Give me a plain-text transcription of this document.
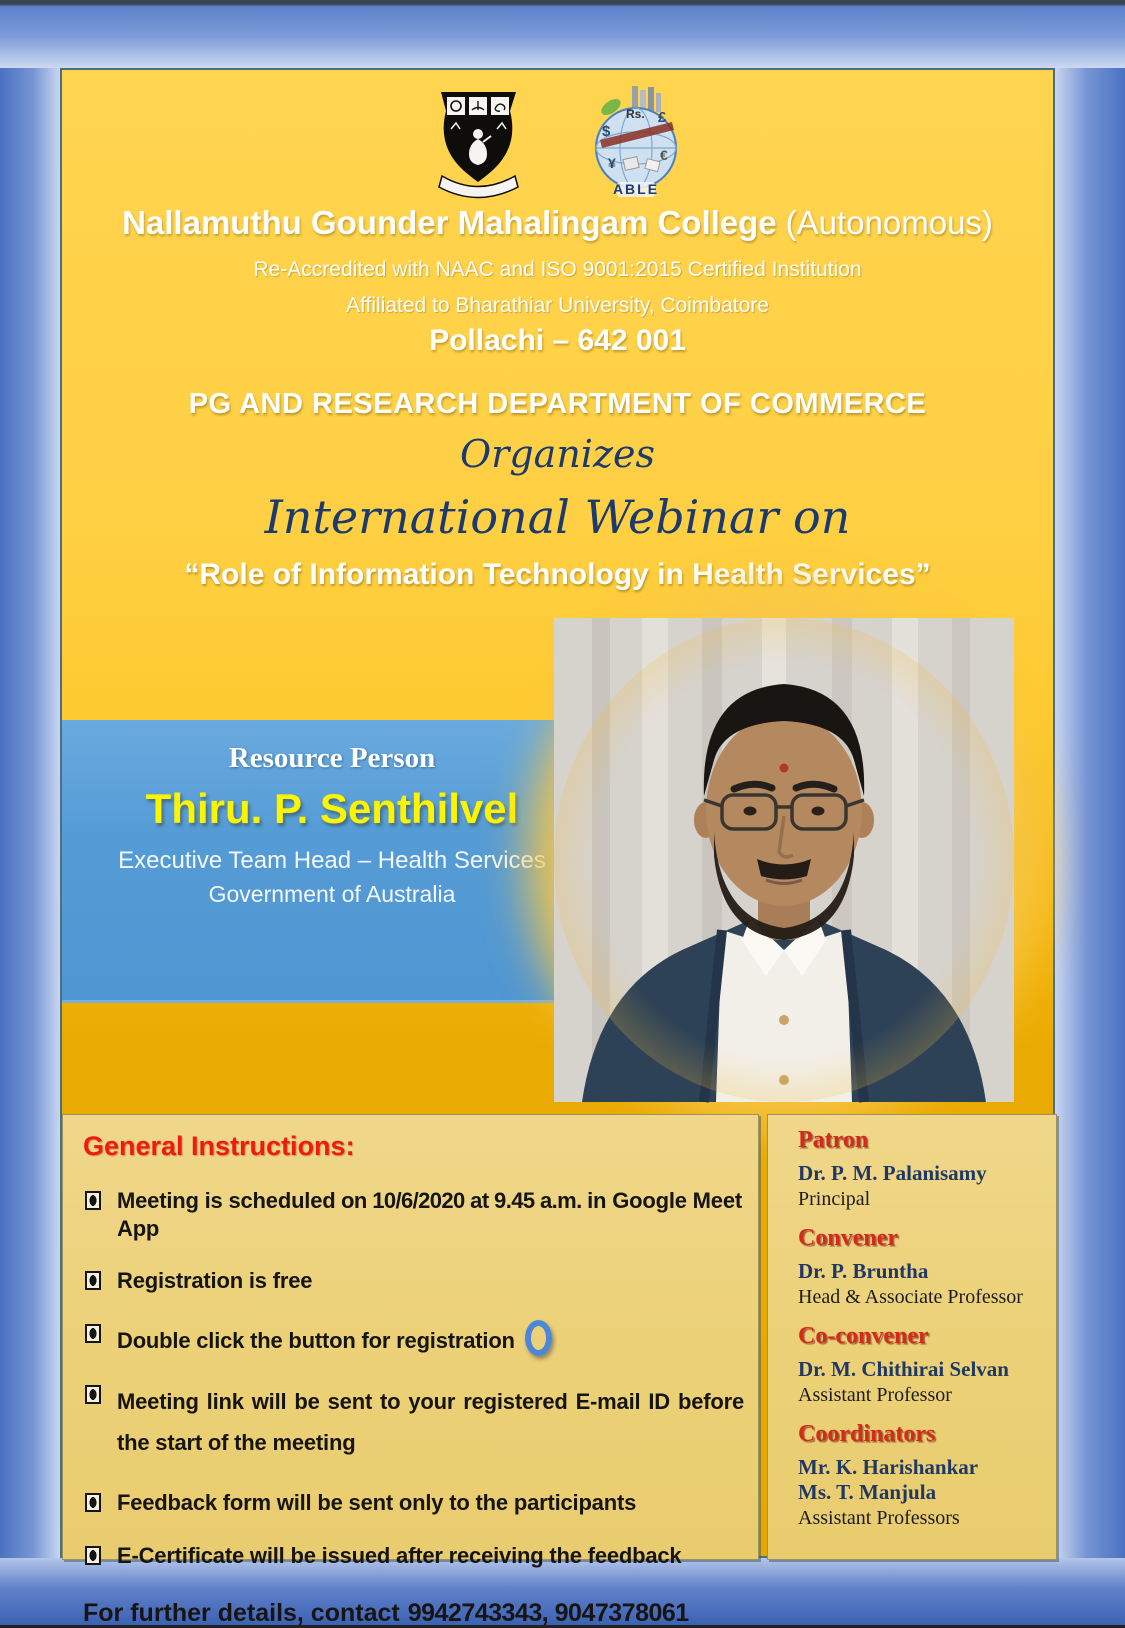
$
Rs. £
¥	€
ABLE
Nallamuthu Gounder Mahalingam College (Autonomous)
Re-Accredited with NAAC and ISO 9001:2015 Certified Institution
Affiliated to Bharathiar University, Coimbatore
Pollachi – 642 001
PG AND RESEARCH DEPARTMENT OF COMMERCE
Organizes
International Webinar on
“Role of Information Technology in Health Services”
Resource Person
Thiru. P. Senthilvel
Executive Team Head – Health Services
Government of Australia
General Instructions:
Meeting is scheduled on 10/6/2020 at 9.45 a.m. in Google Meet App
Registration is free
Double click the button for registration
Meeting link will be sent to your registered E-mail ID before the start of the meeting
Feedback form will be sent only to the participants
E-Certificate will be issued after receiving the feedback
For further details, contact 9942743343, 9047378061
Patron
Dr. P. M. Palanisamy
Principal
Convener
Dr. P. Bruntha
Head & Associate Professor
Co-convener
Dr. M. Chithirai Selvan
Assistant Professor
Coordinators
Mr. K. Harishankar
Ms. T. Manjula
Assistant Professors
